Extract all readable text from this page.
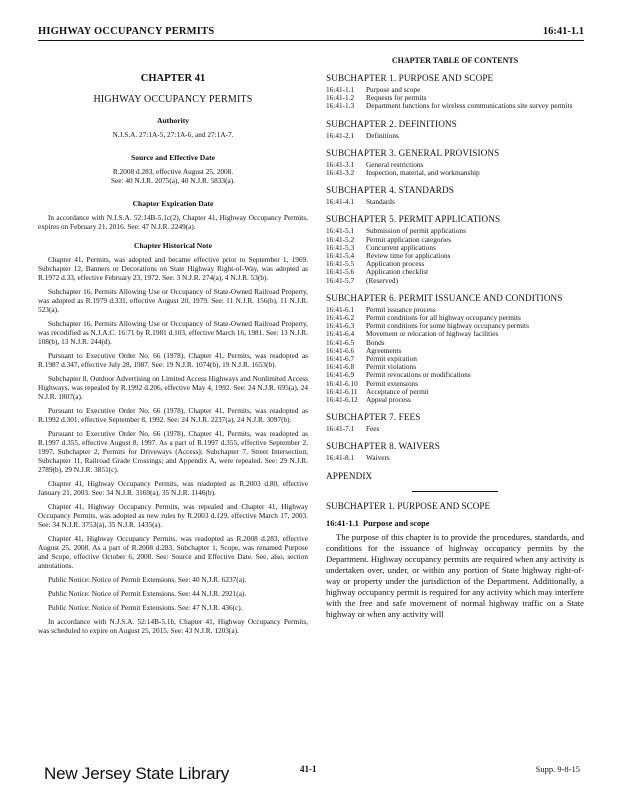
HIGHWAY OCCUPANCY PERMITS	16:41-1.1
CHAPTER 41
HIGHWAY OCCUPANCY PERMITS
Authority
N.J.S.A. 27:1A-5, 27:1A-6, and 27:1A-7.
Source and Effective Date
R.2008 d.283, effective August 25, 2008.
See: 40 N.J.R. 2075(a), 40 N.J.R. 5833(a).
Chapter Expiration Date
In accordance with N.J.S.A. 52:14B-5.1c(2), Chapter 41, Highway Occupancy Permits, expires on February 21, 2016. See: 47 N.J.R. 2249(a).
Chapter Historical Note
Chapter 41, Permits, was adopted and became effective prior to September 1, 1969. Subchapter 12, Banners or Decorations on State Highway Right-of-Way, was adopted as R.1972 d.33, effective February 23, 1972. See: 3 N.J.R. 274(a), 4 N.J.R. 53(b).
Subchapter 16, Permits Allowing Use or Occupancy of State-Owned Railroad Property, was adopted as R.1979 d.331, effective August 20, 1979. See: 11 N.J.R. 156(b), 11 N.J.R. 523(a).
Subchapter 16, Permits Allowing Use or Occupancy of State-Owned Railroad Property, was recodified as N.J.A.C. 16:71 by R.1981 d.103, effective March 16, 1981. See: 13 N.J.R. 108(b), 13 N.J.R. 244(d).
Pursuant to Executive Order No. 66 (1978), Chapter 41, Permits, was readopted as R.1987 d.347, effective July 28, 1987. See: 19 N.J.R. 1074(b), 19 N.J.R. 1653(b).
Subchapter 8, Outdoor Advertising on Limited Access Highways and Nonlimited Access Highways, was repealed by R.1992 d.206, effective May 4, 1992. See: 24 N.J.R. 695(a), 24 N.J.R. 1807(a).
Pursuant to Executive Order No. 66 (1978), Chapter 41, Permits, was readopted as R.1992 d.301, effective September 8, 1992. See: 24 N.J.R. 2237(a), 24 N.J.R. 3097(b).
Pursuant to Executive Order No. 66 (1978), Chapter 41, Permits, was readopted as R.1997 d.355, effective August 8, 1997. As a part of R.1997 d.355, effective September 2, 1997, Subchapter 2, Permits for Driveways (Access); Subchapter 7, Street Intersection; Subchapter 11, Railroad Grade Crossings; and Appendix A, were repealed. See: 29 N.J.R. 2789(b), 29 N.J.R. 3851(c).
Chapter 41, Highway Occupancy Permits, was readopted as R.2003 d.80, effective January 21, 2003. See: 34 N.J.R. 3169(a), 35 N.J.R. 1146(b).
Chapter 41, Highway Occupancy Permits, was repealed and Chapter 41, Highway Occupancy Permits, was adopted as new rules by R.2003 d.129, effective March 17, 2003. See: 34 N.J.R. 3753(a), 35 N.J.R. 1435(a).
Chapter 41, Highway Occupancy Permits, was readopted as R.2008 d.283, effective August 25, 2008. As a part of R.2008 d.283, Subchapter 1, Scope, was renamed Purpose and Scope, effective October 6, 2008. See: Source and Effective Date. See, also, section annotations.
Public Notice: Notice of Permit Extensions. See: 40 N.J.R. 6237(a).
Public Notice: Notice of Permit Extensions. See: 44 N.J.R. 2921(a).
Public Notice: Notice of Permit Extensions. See: 47 N.J.R. 436(c).
In accordance with N.J.S.A. 52:14B-5.1b, Chapter 41, Highway Occupancy Permits, was scheduled to expire on August 25, 2015. See: 43 N.J.R. 1203(a).
CHAPTER TABLE OF CONTENTS
SUBCHAPTER 1. PURPOSE AND SCOPE
16:41-1.1	Purpose and scope
16:41-1.2	Requests for permits
16:41-1.3	Department functions for wireless communications site survey permits
SUBCHAPTER 2. DEFINITIONS
16:41-2.1	Definitions
SUBCHAPTER 3. GENERAL PROVISIONS
16:41-3.1	General restrictions
16:41-3.2	Inspection, material, and workmanship
SUBCHAPTER 4. STANDARDS
16:41-4.1	Standards
SUBCHAPTER 5. PERMIT APPLICATIONS
16:41-5.1	Submission of permit applications
16:41-5.2	Permit application categories
16:41-5.3	Concurrent applications
16:41-5.4	Review time for applications
16:41-5.5	Application process
16:41-5.6	Application checklist
16:41-5.7	(Reserved)
SUBCHAPTER 6. PERMIT ISSUANCE AND CONDITIONS
16:41-6.1	Permit issuance process
16:41-6.2	Permit conditions for all highway occupancy permits
16:41-6.3	Permit conditions for some highway occupancy permits
16:41-6.4	Movement or relocation of highway facilities
16:41-6.5	Bonds
16:41-6.6	Agreements
16:41-6.7	Permit expiration
16:41-6.8	Permit violations
16:41-6.9	Permit revocations or modifications
16:41-6.10	Permit extensions
16:41-6.11	Acceptance of permit
16:41-6.12	Appeal process
SUBCHAPTER 7. FEES
16:41-7.1	Fees
SUBCHAPTER 8. WAIVERS
16:41-8.1	Waivers
APPENDIX
SUBCHAPTER 1. PURPOSE AND SCOPE
16:41-1.1 Purpose and scope
The purpose of this chapter is to provide the procedures, standards, and conditions for the issuance of highway occupancy permits by the Department. Highway occupancy permits are required when any activity is undertaken over, under, or within any portion of State highway right-of-way or property under the jurisdiction of the Department. Additionally, a highway occupancy permit is required for any activity which may interfere with the free and safe movement of normal highway traffic on a State highway or when any activity will
New Jersey State Library	41-1	Supp. 9-8-15
